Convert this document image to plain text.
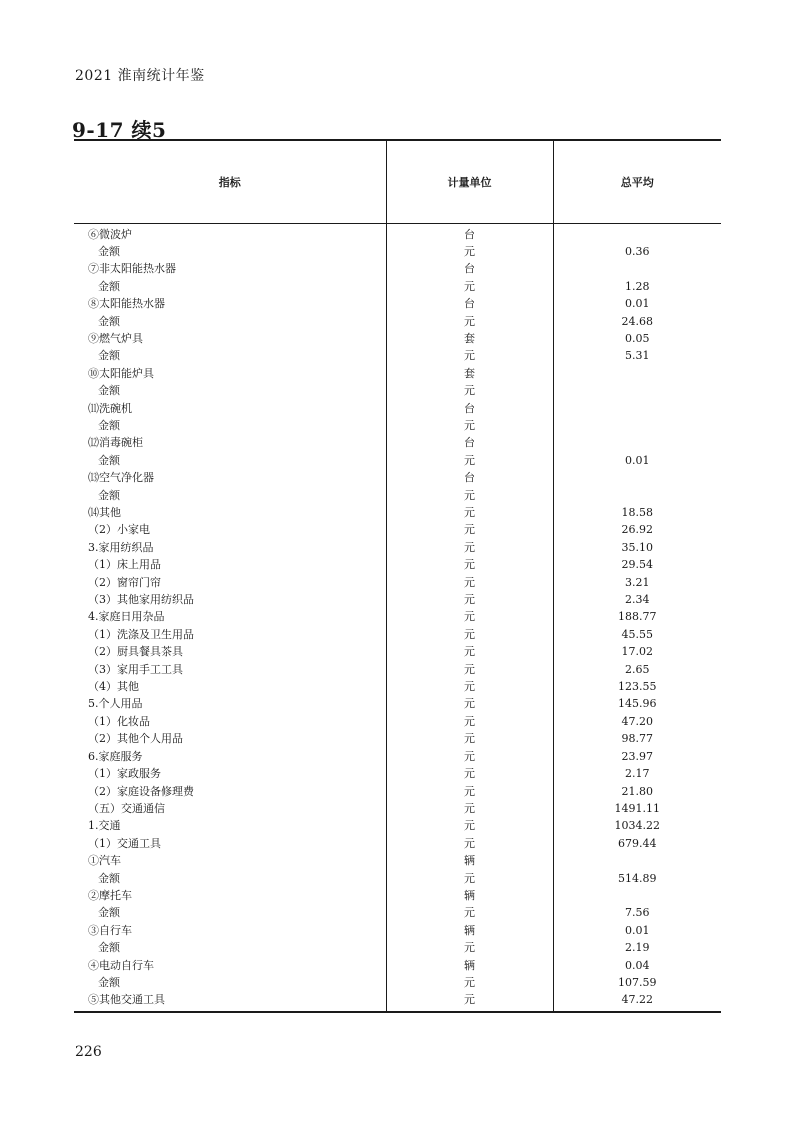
2021 淮南统计年鉴
9-17 续5
指标	计量单位	总平均
⑥微波炉	台	
金额	元	0.36
⑦非太阳能热水器	台	
金额	元	1.28
⑧太阳能热水器	台	0.01
金额	元	24.68
⑨燃气炉具	套	0.05
金额	元	5.31
⑩太阳能炉具	套	
金额	元	
⑾洗碗机	台	
金额	元	
⑿消毒碗柜	台	
金额	元	0.01
⒀空气净化器	台	
金额	元	
⒁其他	元	18.58
（2）小家电	元	26.92
3.家用纺织品	元	35.10
（1）床上用品	元	29.54
（2）窗帘门帘	元	3.21
（3）其他家用纺织品	元	2.34
4.家庭日用杂品	元	188.77
（1）洗涤及卫生用品	元	45.55
（2）厨具餐具茶具	元	17.02
（3）家用手工工具	元	2.65
（4）其他	元	123.55
5.个人用品	元	145.96
（1）化妆品	元	47.20
（2）其他个人用品	元	98.77
6.家庭服务	元	23.97
（1）家政服务	元	2.17
（2）家庭设备修理费	元	21.80
（五）交通通信	元	1491.11
1.交通	元	1034.22
（1）交通工具	元	679.44
①汽车	辆	
金额	元	514.89
②摩托车	辆	
金额	元	7.56
③自行车	辆	0.01
金额	元	2.19
④电动自行车	辆	0.04
金额	元	107.59
⑤其他交通工具	元	47.22
226
